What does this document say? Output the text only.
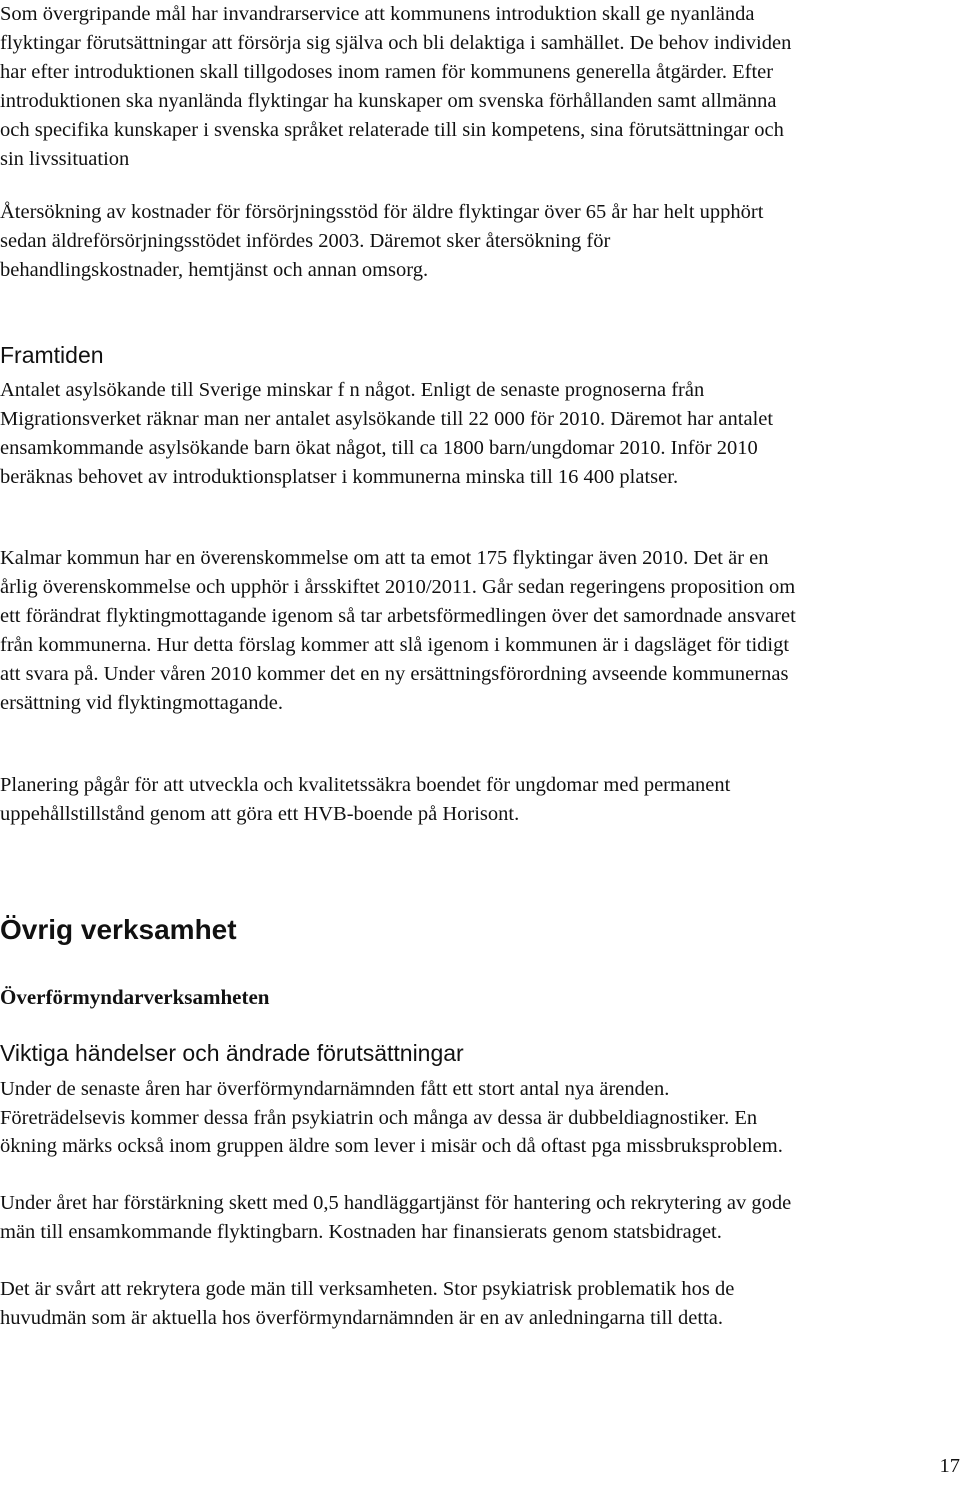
Som övergripande mål har invandrarservice att kommunens introduktion skall ge nyanlända
flyktingar förutsättningar att försörja sig själva och bli delaktiga i samhället. De behov individen
har efter introduktionen skall tillgodoses inom ramen för kommunens generella åtgärder. Efter
introduktionen ska nyanlända flyktingar ha kunskaper om svenska förhållanden samt allmänna
och specifika kunskaper i svenska språket relaterade till sin kompetens, sina förutsättningar och
sin livssituation

Återsökning av kostnader för försörjningsstöd för äldre flyktingar över 65 år har helt upphört
sedan äldreförsörjningsstödet infördes 2003. Däremot sker återsökning för
behandlingskostnader, hemtjänst och annan omsorg.

Framtiden

Antalet asylsökande till Sverige minskar f n något. Enligt de senaste prognoserna från
Migrationsverket räknar man ner antalet asylsökande till 22 000 för 2010. Däremot har antalet
ensamkommande asylsökande barn ökat något, till ca 1800 barn/ungdomar 2010. Inför 2010
beräknas behovet av introduktionsplatser i kommunerna minska till 16 400 platser.

Kalmar kommun har en överenskommelse om att ta emot 175 flyktingar även 2010. Det är en
årlig överenskommelse och upphör i årsskiftet 2010/2011. Går sedan regeringens proposition om
ett förändrat flyktingmottagande igenom så tar arbetsförmedlingen över det samordnade ansvaret
från kommunerna. Hur detta förslag kommer att slå igenom i kommunen är i dagsläget för tidigt
att svara på. Under våren 2010 kommer det en ny ersättningsförordning avseende kommunernas
ersättning vid flyktingmottagande.

Planering pågår för att utveckla och kvalitetssäkra boendet för ungdomar med permanent
uppehållstillstånd genom att göra ett HVB-boende på Horisont.

Övrig verksamhet
Överförmyndarverksamheten
Viktiga händelser och ändrade förutsättningar

Under de senaste åren har överförmyndarnämnden fått ett stort antal nya ärenden.
Företrädelsevis kommer dessa från psykiatrin och många av dessa är dubbeldiagnostiker. En
ökning märks också inom gruppen äldre som lever i misär och då oftast pga missbruksproblem.

Under året har förstärkning skett med 0,5 handläggartjänst för hantering och rekrytering av gode
män till ensamkommande flyktingbarn. Kostnaden har finansierats genom statsbidraget.

Det är svårt att rekrytera gode män till verksamheten. Stor psykiatrisk problematik hos de
huvudmän som är aktuella hos överförmyndarnämnden är en av anledningarna till detta.

17
